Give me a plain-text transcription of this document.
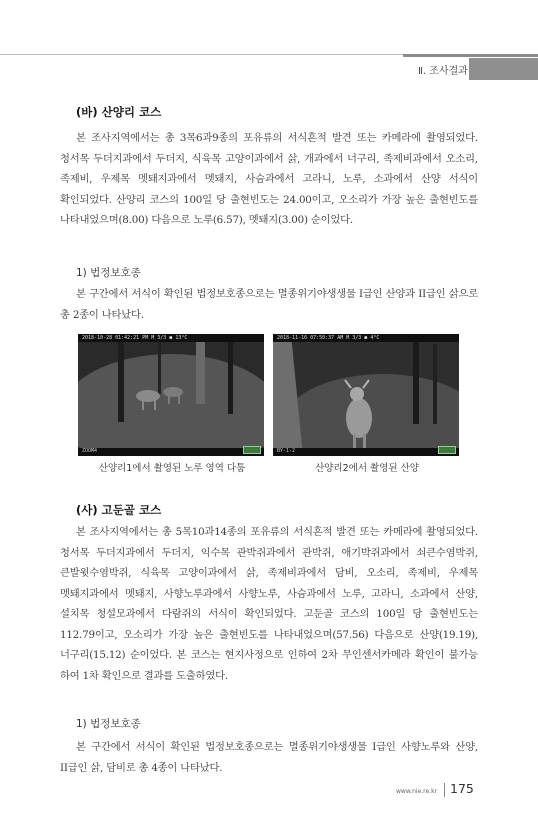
Ⅱ. 조사결과
(바) 산양리 코스
본 조사지역에서는 총 3목6과9종의 포유류의 서식흔적 발견 또는 카메라에 촬영되었다. 청서목 두더지과에서 두더지, 식육목 고양이과에서 삵, 개과에서 너구리, 족제비과에서 오소리, 족제비, 우제목 멧돼지과에서 멧돼지, 사슴과에서 고라니, 노루, 소과에서 산양 서식이 확인되었다. 산양리 코스의 100일 당 출현빈도는 24.00이고, 오소리가 가장 높은 출현빈도를 나타내었으며(8.00) 다음으로 노루(6.57), 멧돼지(3.00) 순이었다.
1) 법정보호종
본 구간에서 서식이 확인된 법정보호종으로는 멸종위기야생생물 I급인 산양과 II급인 삵으로 총 2종이 나타났다.
2018-10-28 01:42:21 PM M 3/3 ● 13°C
ZOOM4
2018-11-16 07:50:37 AM M 3/3 ● 4°C
BY-1-2
산양리1에서 촬영된 노루 영역 다툼	산양리2에서 촬영된 산양
(사) 고둔골 코스
본 조사지역에서는 총 5목10과14종의 포유류의 서식흔적 발견 또는 카메라에 촬영되었다. 청서목 두더지과에서 두더지, 익수목 관박쥐과에서 관박쥐, 애기박쥐과에서 쇠큰수염박쥐, 큰발윗수염박쥐, 식육목 고양이과에서 삵, 족제비과에서 담비, 오소리, 족제비, 우제목 멧돼지과에서 멧돼지, 사향노루과에서 사향노루, 사슴과에서 노루, 고라니, 소과에서 산양, 설치목 청설모과에서 다람쥐의 서식이 확인되었다. 고둔골 코스의 100일 당 출현빈도는 112.79이고, 오소리가 가장 높은 출현빈도를 나타내었으며(57.56) 다음으로 산양(19.19), 너구리(15.12) 순이었다. 본 코스는 현지사정으로 인하여 2차 무인센서카메라 확인이 불가능 하여 1차 확인으로 결과를 도출하였다.
1) 법정보호종
본 구간에서 서식이 확인된 법정보호종으로는 멸종위기야생생물 I급인 사향노루와 산양, II급인 삵, 담비로 총 4종이 나타났다.
www.nie.re.kr 175
